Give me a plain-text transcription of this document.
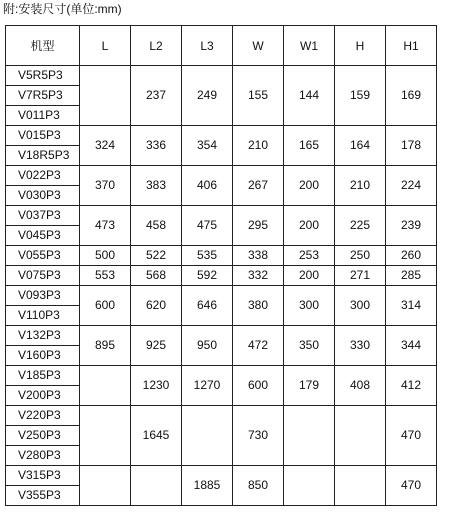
附:安装尺寸(单位:mm)
机型	L	L2	L3	W	W1	H	H1
V5R5P3		237	249	155	144	159	169
V7R5P3							
V011P3							
V015P3	324	336	354	210	165	164	178
V18R5P3							
V022P3	370	383	406	267	200	210	224
V030P3							
V037P3	473	458	475	295	200	225	239
V045P3							
V055P3	500	522	535	338	253	250	260
V075P3	553	568	592	332	200	271	285
V093P3	600	620	646	380	300	300	314
V110P3							
V132P3	895	925	950	472	350	330	344
V160P3							
V185P3		1230	1270	600	179	408	412
V200P3							
V220P3		1645		730			470
V250P3							
V280P3							
V315P3			1885	850			470
V355P3							
